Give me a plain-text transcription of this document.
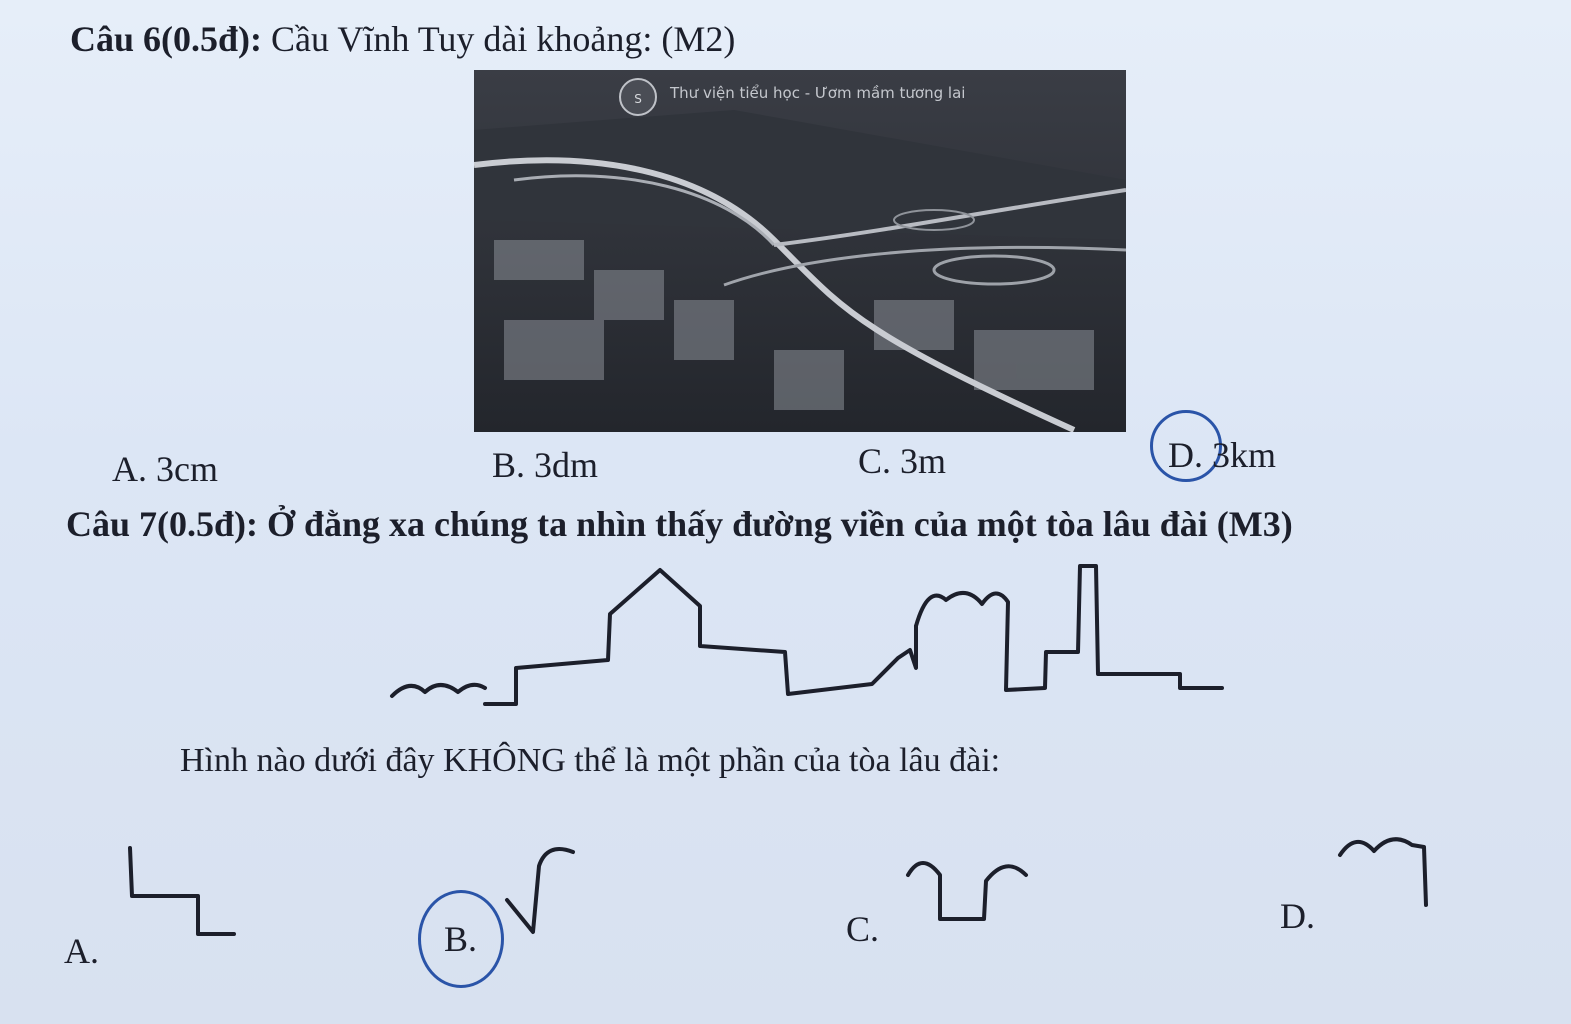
Câu 6(0.5đ): Cầu Vĩnh Tuy dài khoảng: (M2)
S Thư viện tiểu học - Ươm mầm tương lai
A. 3cm	B. 3dm	C. 3m	D. 3km
Câu 7(0.5đ): Ở đằng xa chúng ta nhìn thấy đường viền của một tòa lâu đài (M3)
Hình nào dưới đây KHÔNG thể là một phần của tòa lâu đài:
A.	B.	C.	D.
